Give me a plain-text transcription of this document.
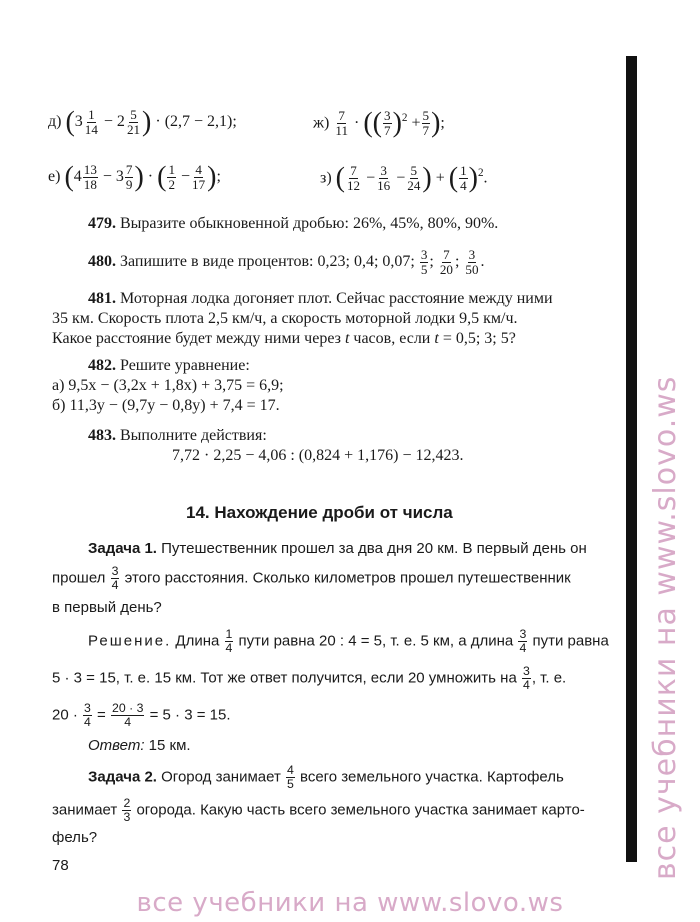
д) ($3 \frac{1}{14} - 2 \frac{5}{21}$ ) · (2,7 − 2,1);	$ж) \frac{7}{11}$ · (( $\frac{3}{7} )^2 + \frac{5}{7}$ );
е) ($4 \frac{13}{18} - 3 \frac{7}{9}$ ) · ( $\frac{1}{2} - \frac{4}{17}$ );	з) ( $\frac{7}{12} - \frac{3}{16} - \frac{5}{24}$ ) + ( $\frac{1}{4} )^2$.
479. Выразите обыкновенной дробью: 26%, 45%, 80%, 90%.
480. Запишите в виде процентов: 0,23; 0,4; 0,07; $\frac{3}{5}$ ; $\frac{7}{20}$ ; $\frac{3}{50}$ .
481. Моторная лодка догоняет плот. Сейчас расстояние между ними
35 км. Скорость плота 2,5 км/ч, а скорость моторной лодки 9,5 км/ч.
Какое расстояние будет между ними через t часов, если t = 0,5; 3; 5?
482. Решите уравнение:
а) 9,5x − (3,2x + 1,8x) + 3,75 = 6,9;
б) 11,3y − (9,7y − 0,8y) + 7,4 = 17.
483. Выполните действия:
7,72 · 2,25 − 4,06 : (0,824 + 1,176) − 12,423.
14. Нахождение дроби от числа
Задача 1. Путешественник прошел за два дня 20 км. В первый день он
прошел $\frac{3}{4}$ этого расстояния. Сколько километров прошел путешественник
в первый день?
Решение. Длина $\frac{1}{4}$ пути равна 20 : 4 = 5, т. е. 5 км, а длина $\frac{3}{4}$ пути равна
5 · 3 = 15, т. е. 15 км. Тот же ответ получится, если 20 умножить на $\frac{3}{4}$ , т. е.
$20 \cdot \frac{3}{4} = \frac{20 \cdot 3}{4} = 5 \cdot 3 = 15$.
Ответ: 15 км.
Задача 2. Огород занимает $\frac{4}{5}$ всего земельного участка. Картофель
занимает $\frac{2}{3}$ огорода. Какую часть всего земельного участка занимает карто-
фель?
78	все учебники на www.slovo.ws
все учебники на www.slovo.ws
